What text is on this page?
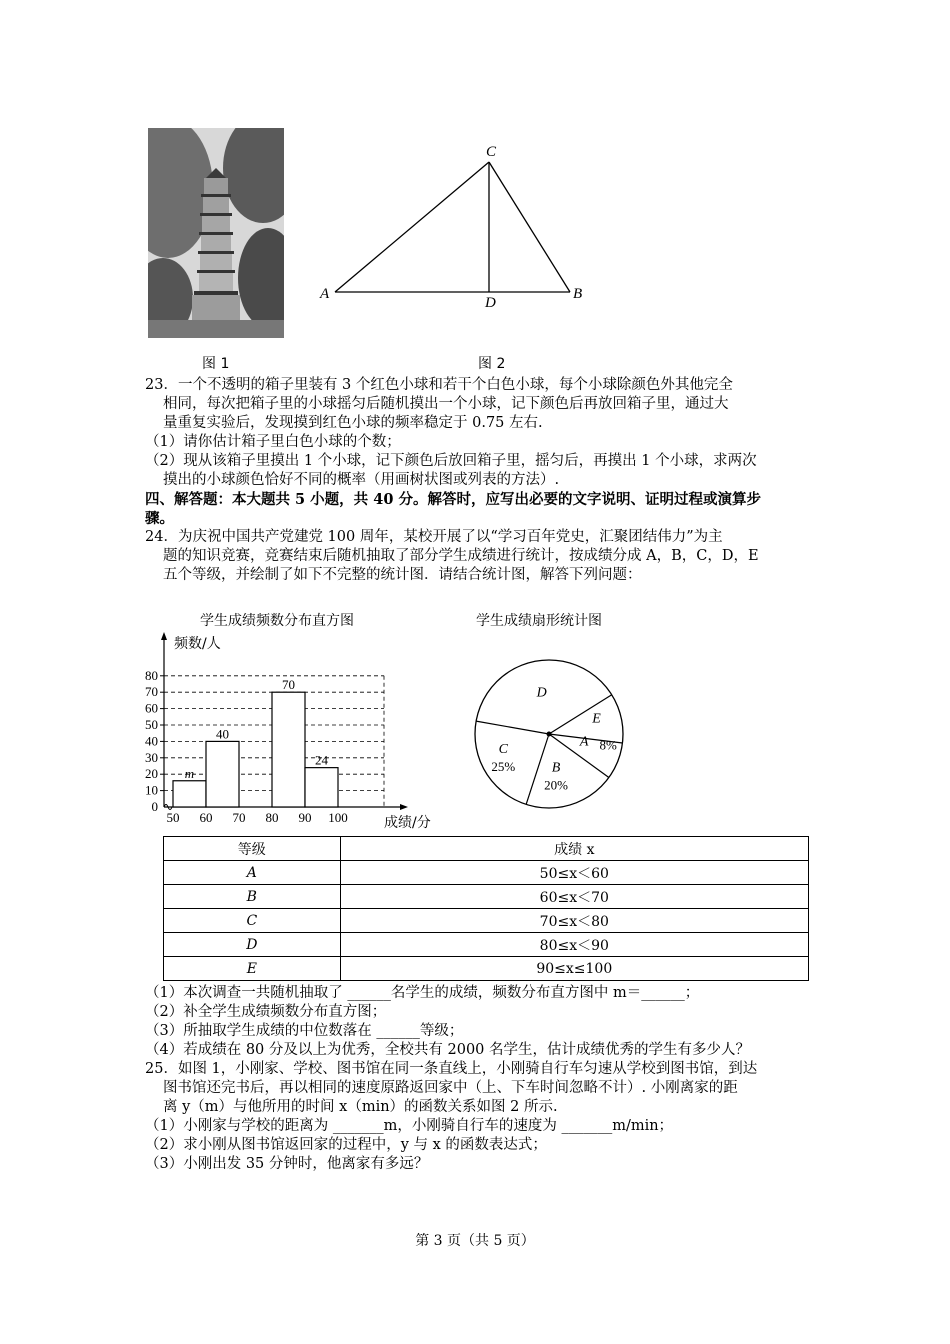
C
A
D
B
图 1	图 2
23．一个不透明的箱子里装有 3 个红色小球和若干个白色小球，每个小球除颜色外其他完全
相同，每次把箱子里的小球摇匀后随机摸出一个小球，记下颜色后再放回箱子里，通过大
量重复实验后，发现摸到红色小球的频率稳定于 0.75 左右.
（1）请你估计箱子里白色小球的个数；
（2）现从该箱子里摸出 1 个小球，记下颜色后放回箱子里，摇匀后，再摸出 1 个小球，求两次
摸出的小球颜色恰好不同的概率（用画树状图或列表的方法）.
四、解答题：本大题共 5 小题，共 40 分。解答时，应写出必要的文字说明、证明过程或演算步
骤。
24．为庆祝中国共产党建党 100 周年，某校开展了以“学习百年党史，汇聚团结伟力”为主
题的知识竞赛，竞赛结束后随机抽取了部分学生成绩进行统计，按成绩分成 A，B，C，D，E
五个等级，并绘制了如下不完整的统计图．请结合统计图，解答下列问题：
学生成绩频数分布直方图	学生成绩扇形统计图
0
10
20
30
40
50
60
70
80
50 60 70 80 90 100
m
40
70
24
频数/人
成绩/分
D
E
A 8%
B
20%
C
25%
等级	成绩 x
A	50≤x＜60
B	60≤x＜70
C	70≤x＜80
D	80≤x＜90
E	90≤x≤100
（1）本次调查一共随机抽取了 ______名学生的成绩，频数分布直方图中 m＝______；
（2）补全学生成绩频数分布直方图；
（3）所抽取学生成绩的中位数落在 ______等级；
（4）若成绩在 80 分及以上为优秀，全校共有 2000 名学生，估计成绩优秀的学生有多少人？
25．如图 1，小刚家、学校、图书馆在同一条直线上，小刚骑自行车匀速从学校到图书馆，到达
图书馆还完书后，再以相同的速度原路返回家中（上、下车时间忽略不计）. 小刚离家的距
离 y（m）与他所用的时间 x（min）的函数关系如图 2 所示.
（1）小刚家与学校的距离为 _______m，小刚骑自行车的速度为 _______m/min；
（2）求小刚从图书馆返回家的过程中，y 与 x 的函数表达式；
（3）小刚出发 35 分钟时，他离家有多远？
第 3 页（共 5 页）
